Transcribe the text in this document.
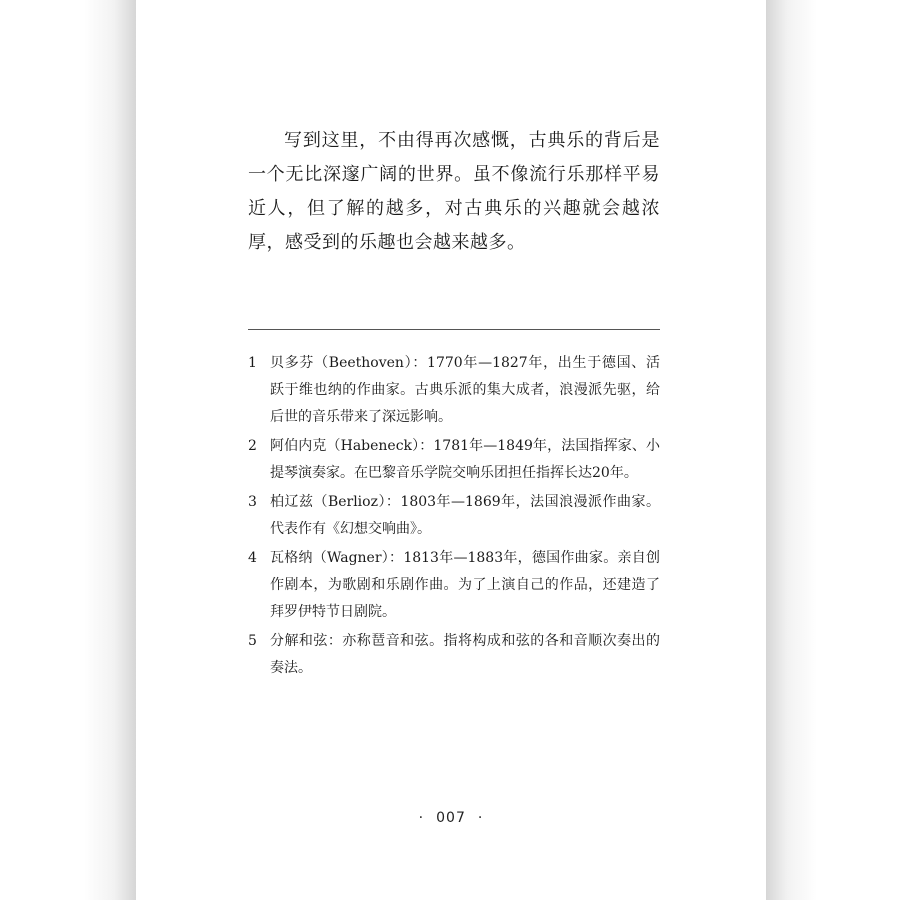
写到这里，不由得再次感慨，古典乐的背后是一个无比深邃广阔的世界。虽不像流行乐那样平易近人，但了解的越多，对古典乐的兴趣就会越浓厚，感受到的乐趣也会越来越多。

1 贝多芬（Beethoven）：1770年—1827年，出生于德国、活跃于维也纳的作曲家。古典乐派的集大成者，浪漫派先驱，给后世的音乐带来了深远影响。
2 阿伯内克（Habeneck）：1781年—1849年，法国指挥家、小提琴演奏家。在巴黎音乐学院交响乐团担任指挥长达20年。
3 柏辽兹（Berlioz）：1803年—1869年，法国浪漫派作曲家。代表作有《幻想交响曲》。
4 瓦格纳（Wagner）：1813年—1883年，德国作曲家。亲自创作剧本，为歌剧和乐剧作曲。为了上演自己的作品，还建造了拜罗伊特节日剧院。
5 分解和弦：亦称琶音和弦。指将构成和弦的各和音顺次奏出的奏法。
· 007 ·
